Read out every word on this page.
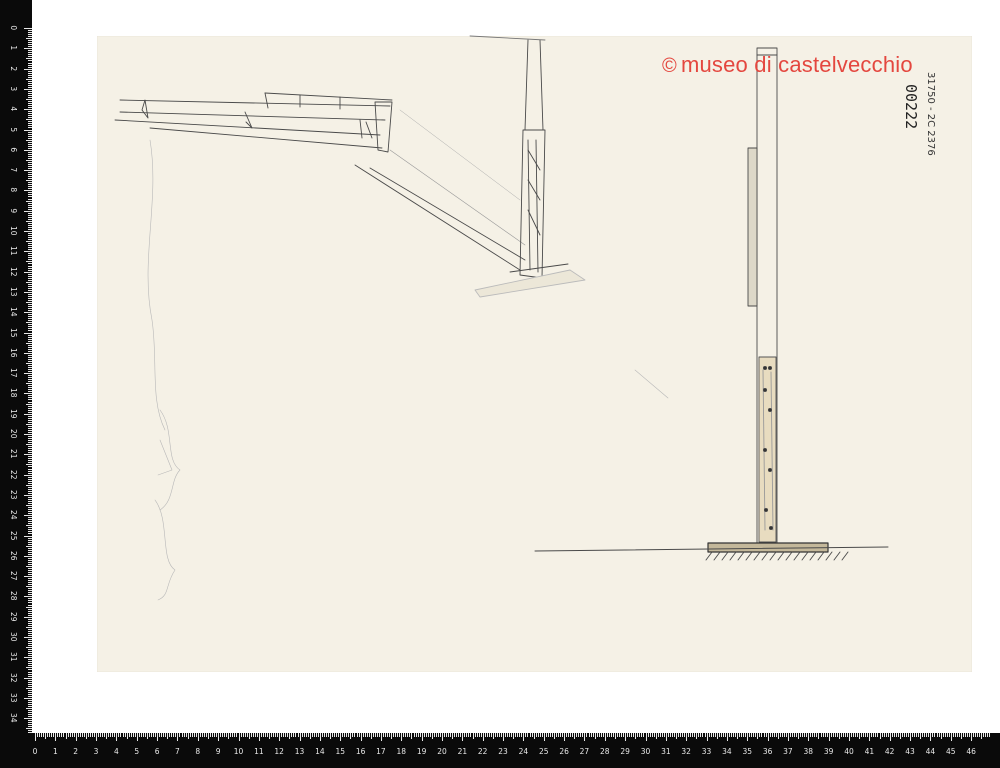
0
1
2
3
4
5
6
7
8
9
10
11
12
13
14
15
16
17
18
19
20
21
22
23
24
25
26
27
28
29
30
31
32
33
34
0	1	2	3	4	5	6	7	8	9	10 11 12 13 14 15 16 17 18 19 20 21 22 23 24 25 26 27 28 29 30 31 32 33 34 35 36 37 38 39 40 41 42 43 44 45 46
© museo di castelvecchio
31750 - 2C 2376
00222
